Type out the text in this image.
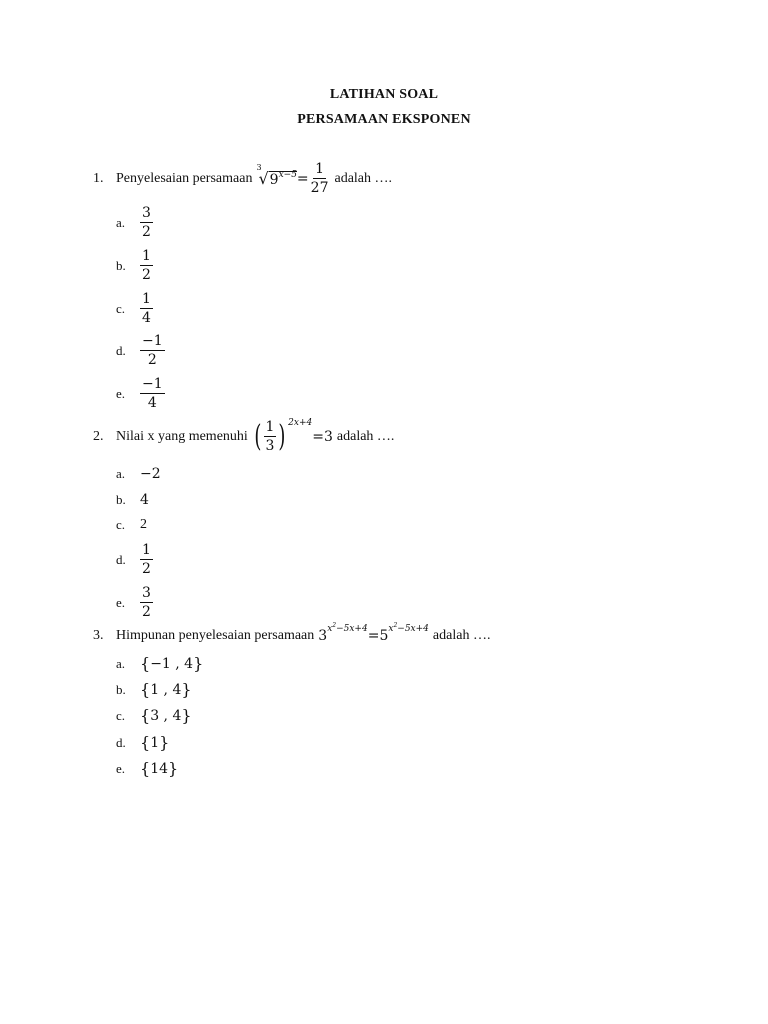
LATIHAN SOAL
PERSAMAAN EKSPONEN
1. Penyelesaian persamaan
3
√ $9^{x-5} = \frac{1}{27}$ adalah ….
a.	$\frac{3}{2}$
b.	$\frac{1}{2}$
c.	$\frac{1}{4}$
d.	$\frac{-1}{2}$
e.	$\frac{-1}{4}$
2. Nilai x yang memenuhi ( $\frac{1}{3}$ ) 2x+4
=3 adalah ….
a.	−2
b.	4
c.	2
d.	$\frac{1}{2}$
e.	$\frac{3}{2}$
3. Himpunan penyelesaian persamaan 3 $x^2-5x+4 = 5$ $x^2-5x+4$ adalah ….
a. { −1 , 4 }
b. { 1 , 4 }
c. { 3 , 4 }
d. { 1 }
e. { 14 }
